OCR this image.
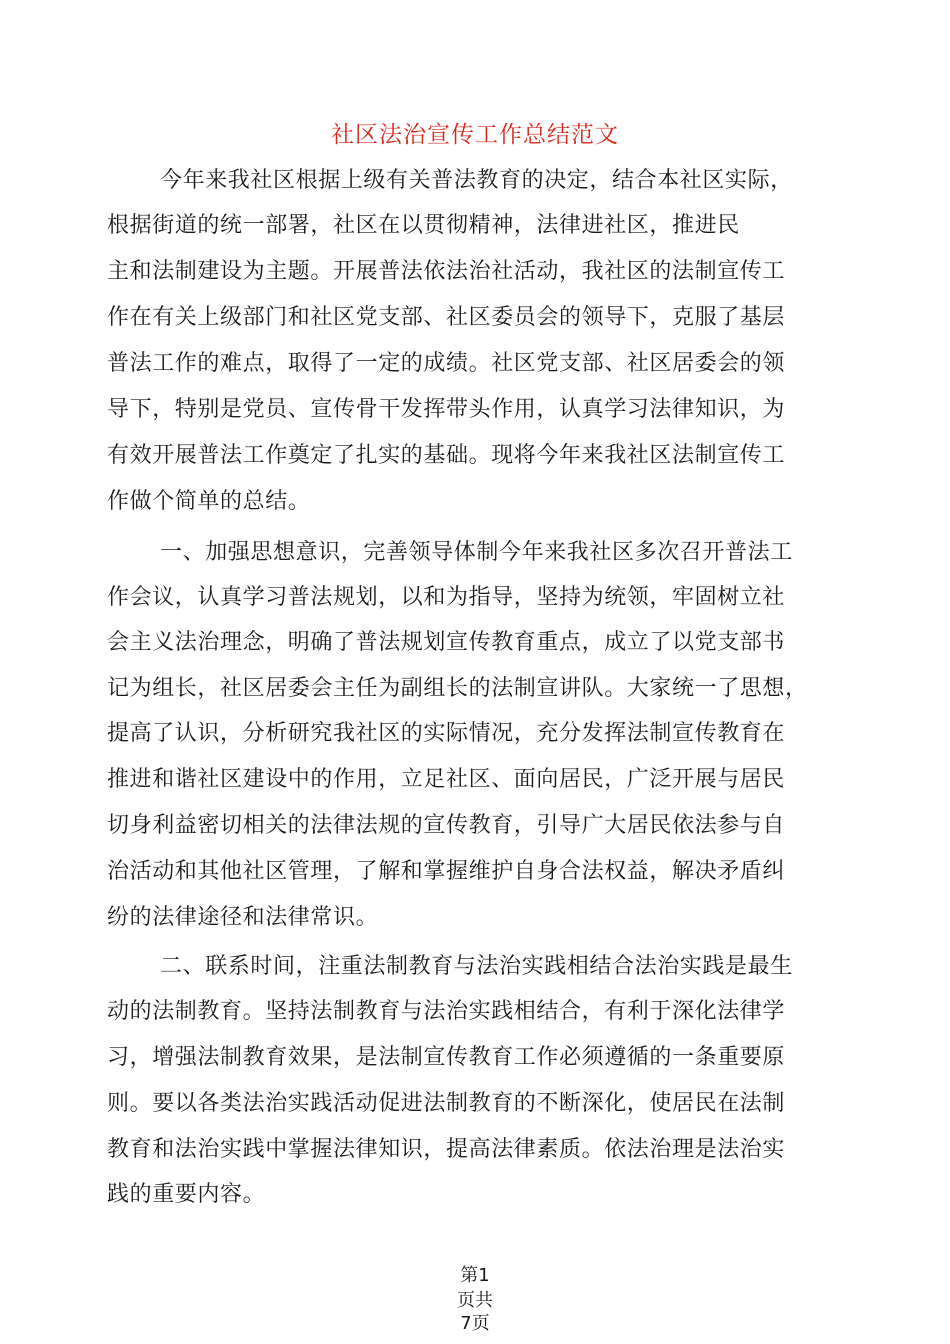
社区法治宣传工作总结范文
今年来我社区根据上级有关普法教育的决定，结合本社区实际，
根据街道的统一部署，社区在以贯彻精神，法律进社区，推进民
主和法制建设为主题。开展普法依法治社活动，我社区的法制宣传工
作在有关上级部门和社区党支部、社区委员会的领导下，克服了基层
普法工作的难点，取得了一定的成绩。社区党支部、社区居委会的领
导下，特别是党员、宣传骨干发挥带头作用，认真学习法律知识，为
有效开展普法工作奠定了扎实的基础。现将今年来我社区法制宣传工
作做个简单的总结。
一、加强思想意识，完善领导体制今年来我社区多次召开普法工
作会议，认真学习普法规划，以和为指导，坚持为统领，牢固树立社
会主义法治理念，明确了普法规划宣传教育重点，成立了以党支部书
记为组长，社区居委会主任为副组长的法制宣讲队。大家统一了思想，
提高了认识，分析研究我社区的实际情况，充分发挥法制宣传教育在
推进和谐社区建设中的作用，立足社区、面向居民，广泛开展与居民
切身利益密切相关的法律法规的宣传教育，引导广大居民依法参与自
治活动和其他社区管理，了解和掌握维护自身合法权益，解决矛盾纠
纷的法律途径和法律常识。
二、联系时间，注重法制教育与法治实践相结合法治实践是最生
动的法制教育。坚持法制教育与法治实践相结合，有利于深化法律学
习，增强法制教育效果，是法制宣传教育工作必须遵循的一条重要原
则。要以各类法治实践活动促进法制教育的不断深化，使居民在法制
教育和法治实践中掌握法律知识，提高法律素质。依法治理是法治实
践的重要内容。
第1
页共
7页
